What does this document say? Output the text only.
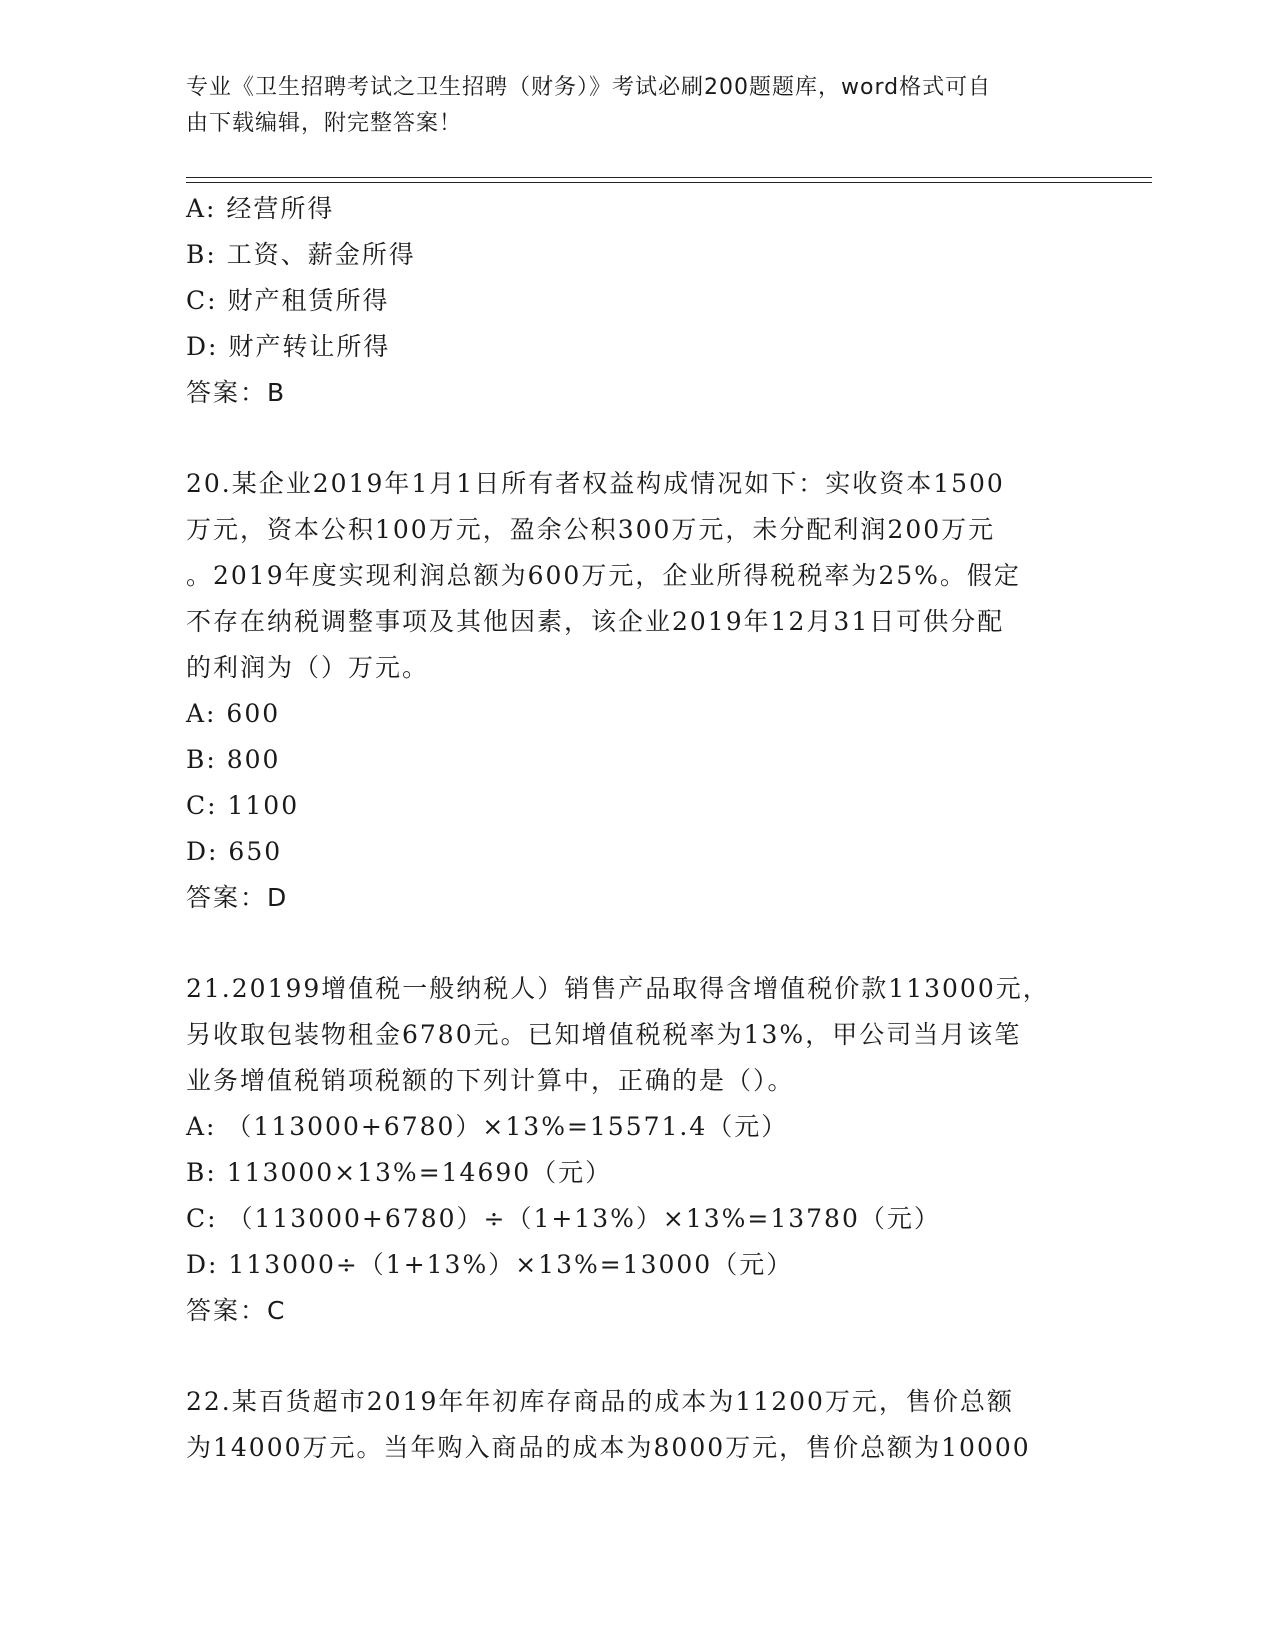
专业《卫生招聘考试之卫生招聘（财务）》考试必刷200题题库，word格式可自
由下载编辑，附完整答案！
A: 经营所得
B: 工资、薪金所得
C: 财产租赁所得
D: 财产转让所得
答案：B
20.某企业2019年1月1日所有者权益构成情况如下：实收资本1500
万元，资本公积100万元，盈余公积300万元，未分配利润200万元
。2019年度实现利润总额为600万元，企业所得税税率为25%。假定
不存在纳税调整事项及其他因素，该企业2019年12月31日可供分配
的利润为（）万元。
A: 600
B: 800
C: 1100
D: 650
答案：D
21.20199增值税一般纳税人）销售产品取得含增值税价款113000元，
另收取包装物租金6780元。已知增值税税率为13%，甲公司当月该笔
业务增值税销项税额的下列计算中，正确的是（）。
A: （113000+6780）×13%=15571.4（元）
B: 113000×13%=14690（元）
C: （113000+6780）÷（1+13%）×13%=13780（元）
D: 113000÷（1+13%）×13%=13000（元）
答案：C
22.某百货超市2019年年初库存商品的成本为11200万元，售价总额
为14000万元。当年购入商品的成本为8000万元，售价总额为10000
